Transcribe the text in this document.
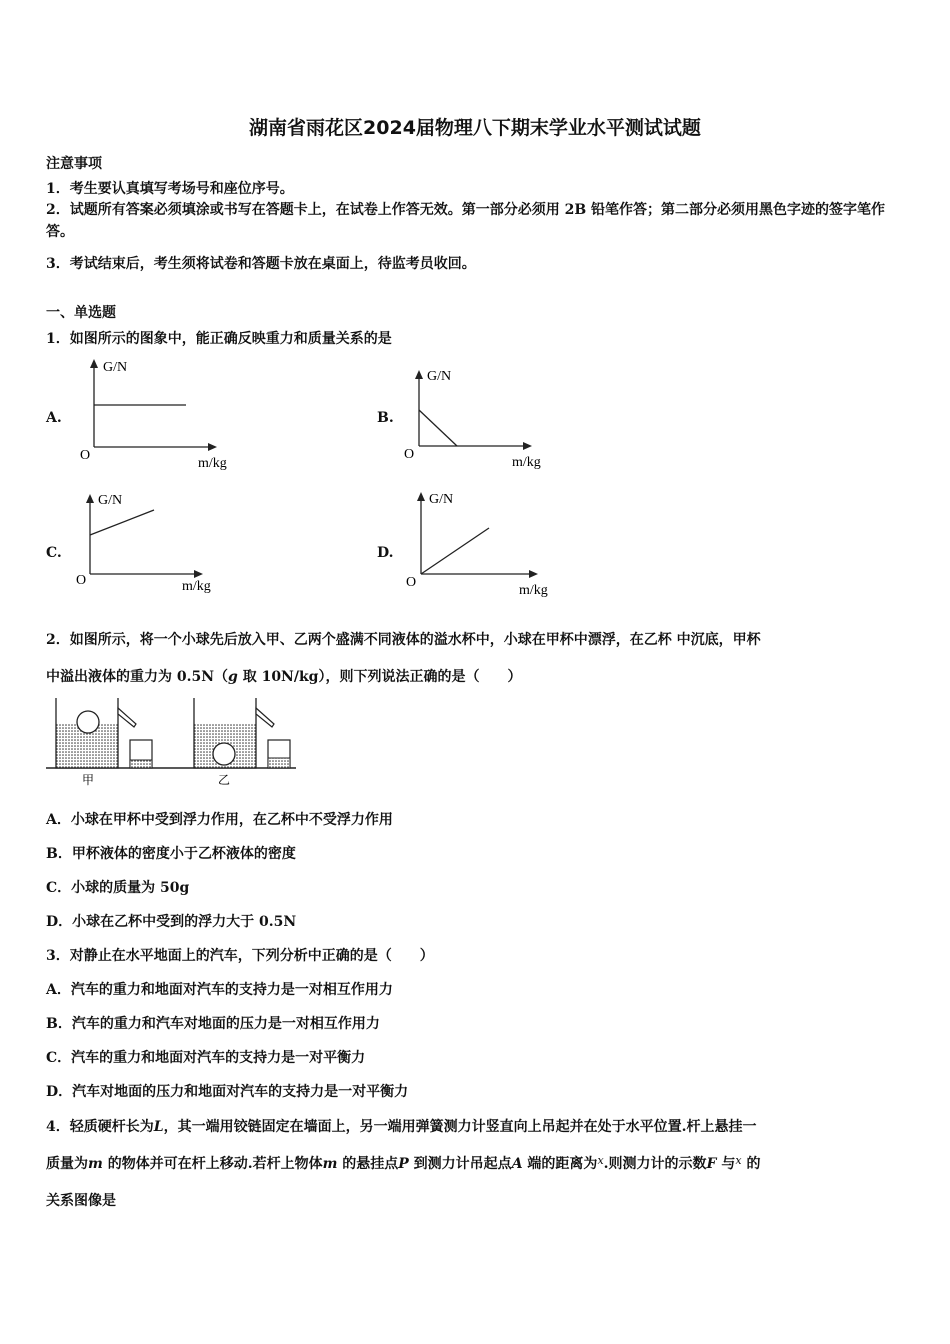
湖南省雨花区2024届物理八下期末学业水平测试试题
注意事项
1．考生要认真填写考场号和座位序号。
2．试题所有答案必须填涂或书写在答题卡上，在试卷上作答无效。第一部分必须用 2B 铅笔作答；第二部分必须用黑色字迹的签字笔作答。
3．考试结束后，考生须将试卷和答题卡放在桌面上，待监考员收回。
一、单选题
1．如图所示的图象中，能正确反映重力和质量关系的是
A.	B.
C.	D.
G/N
O
m/kg
G/N
O
m/kg
G/N
O	m/kg
G/N
O
m/kg
2．如图所示，将一个小球先后放入甲、乙两个盛满不同液体的溢水杯中，小球在甲杯中漂浮，在乙杯 中沉底，甲杯
中溢出液体的重力为 0.5N（g 取 10N/kg），则下列说法正确的是（　　）
甲	乙
A．小球在甲杯中受到浮力作用，在乙杯中不受浮力作用
B．甲杯液体的密度小于乙杯液体的密度
C．小球的质量为 50g
D．小球在乙杯中受到的浮力大于 0.5N
3．对静止在水平地面上的汽车，下列分析中正确的是（　　）
A．汽车的重力和地面对汽车的支持力是一对相互作用力
B．汽车的重力和汽车对地面的压力是一对相互作用力
C．汽车的重力和地面对汽车的支持力是一对平衡力
D．汽车对地面的压力和地面对汽车的支持力是一对平衡力
4．轻质硬杆长为L，其一端用铰链固定在墙面上，另一端用弹簧测力计竖直向上吊起并在处于水平位置.杆上悬挂一
质量为m 的物体并可在杆上移动.若杆上物体m 的悬挂点P 到测力计吊起点A 端的距离为$^x$.则测力计的示数F 与$^x$ 的
关系图像是
